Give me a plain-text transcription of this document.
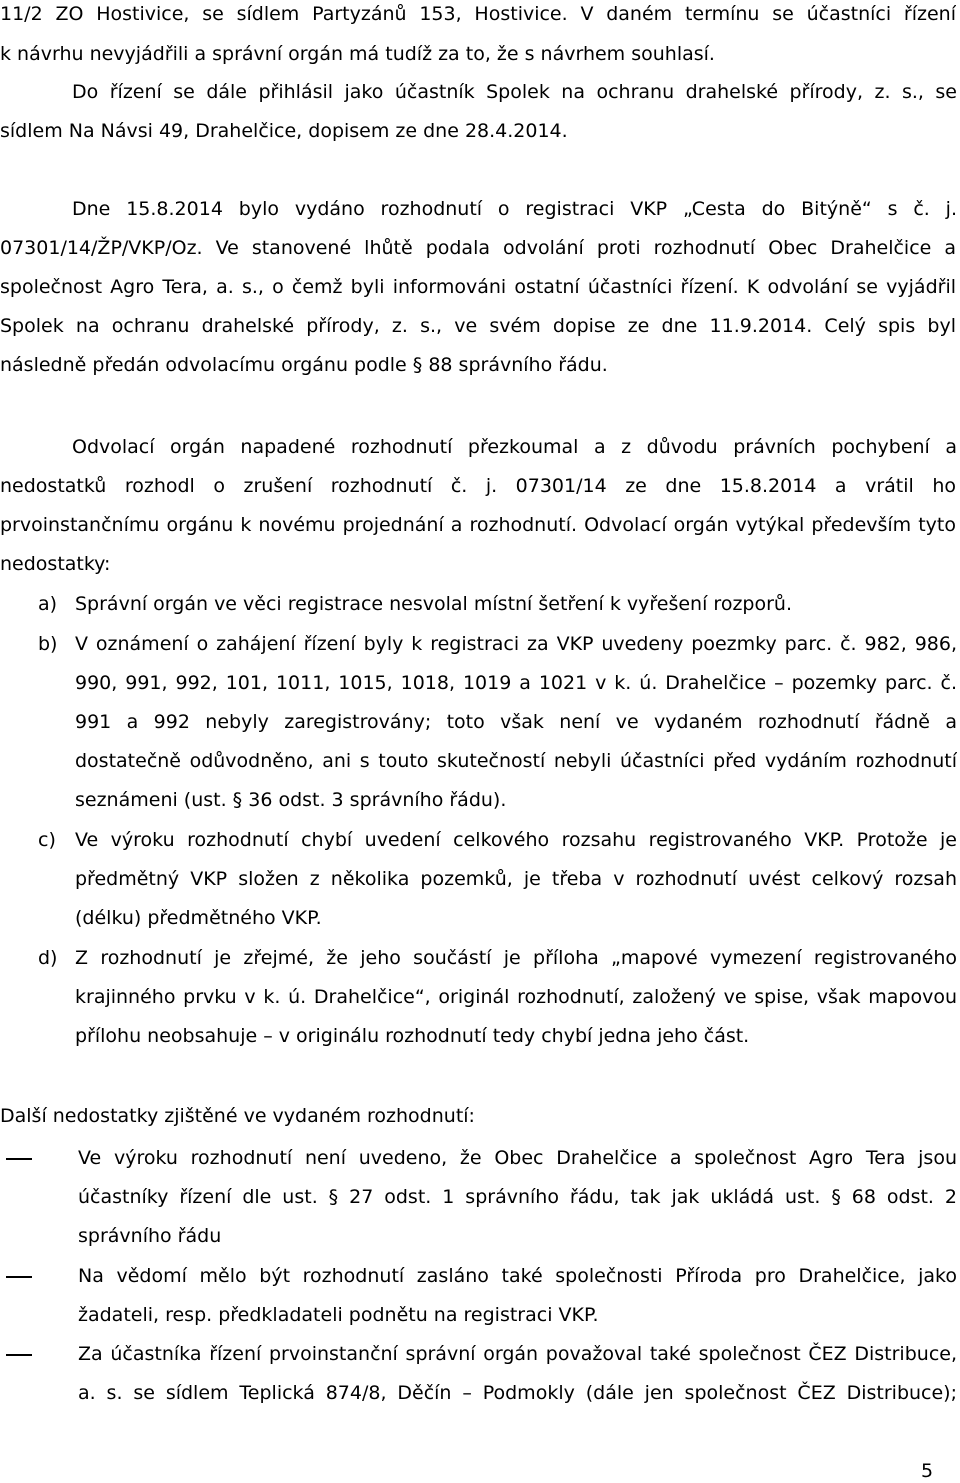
11/2 ZO Hostivice, se sídlem Partyzánů 153, Hostivice. V daném termínu se účastníci řízení
k návrhu nevyjádřili a správní orgán má tudíž za to, že s návrhem souhlasí.
Do řízení se dále přihlásil jako účastník Spolek na ochranu drahelské přírody, z. s., se
sídlem Na Návsi 49, Drahelčice, dopisem ze dne 28.4.2014.
Dne 15.8.2014 bylo vydáno rozhodnutí o registraci VKP „Cesta do Bitýně“ s č. j.
07301/14/ŽP/VKP/Oz. Ve stanovené lhůtě podala odvolání proti rozhodnutí Obec Drahelčice a
společnost Agro Tera, a. s., o čemž byli informováni ostatní účastníci řízení. K odvolání se vyjádřil
Spolek na ochranu drahelské přírody, z. s., ve svém dopise ze dne 11.9.2014. Celý spis byl
následně předán odvolacímu orgánu podle § 88 správního řádu.
Odvolací orgán napadené rozhodnutí přezkoumal a z důvodu právních pochybení a
nedostatků rozhodl o zrušení rozhodnutí č. j. 07301/14 ze dne 15.8.2014 a vrátil ho
prvoinstančnímu orgánu k novému projednání a rozhodnutí. Odvolací orgán vytýkal především tyto
nedostatky:
a) Správní orgán ve věci registrace nesvolal místní šetření k vyřešení rozporů.
b) V oznámení o zahájení řízení byly k registraci za VKP uvedeny poezmky parc. č. 982, 986,
990, 991, 992, 101, 1011, 1015, 1018, 1019 a 1021 v k. ú. Drahelčice – pozemky parc. č.
991 a 992 nebyly zaregistrovány; toto však není ve vydaném rozhodnutí řádně a
dostatečně odůvodněno, ani s touto skutečností nebyli účastníci před vydáním rozhodnutí
seznámeni (ust. § 36 odst. 3 správního řádu).
c) Ve výroku rozhodnutí chybí uvedení celkového rozsahu registrovaného VKP. Protože je
předmětný VKP složen z několika pozemků, je třeba v rozhodnutí uvést celkový rozsah
(délku) předmětného VKP.
d) Z rozhodnutí je zřejmé, že jeho součástí je příloha „mapové vymezení registrovaného
krajinného prvku v k. ú. Drahelčice“, originál rozhodnutí, založený ve spise, však mapovou
přílohu neobsahuje – v originálu rozhodnutí tedy chybí jedna jeho část.
Další nedostatky zjištěné ve vydaném rozhodnutí:
Ve výroku rozhodnutí není uvedeno, že Obec Drahelčice a společnost Agro Tera jsou
účastníky řízení dle ust. § 27 odst. 1 správního řádu, tak jak ukládá ust. § 68 odst. 2
správního řádu
Na vědomí mělo být rozhodnutí zasláno také společnosti Příroda pro Drahelčice, jako
žadateli, resp. předkladateli podnětu na registraci VKP.
Za účastníka řízení prvoinstanční správní orgán považoval také společnost ČEZ Distribuce,
a. s. se sídlem Teplická 874/8, Děčín – Podmokly (dále jen společnost ČEZ Distribuce);
5
